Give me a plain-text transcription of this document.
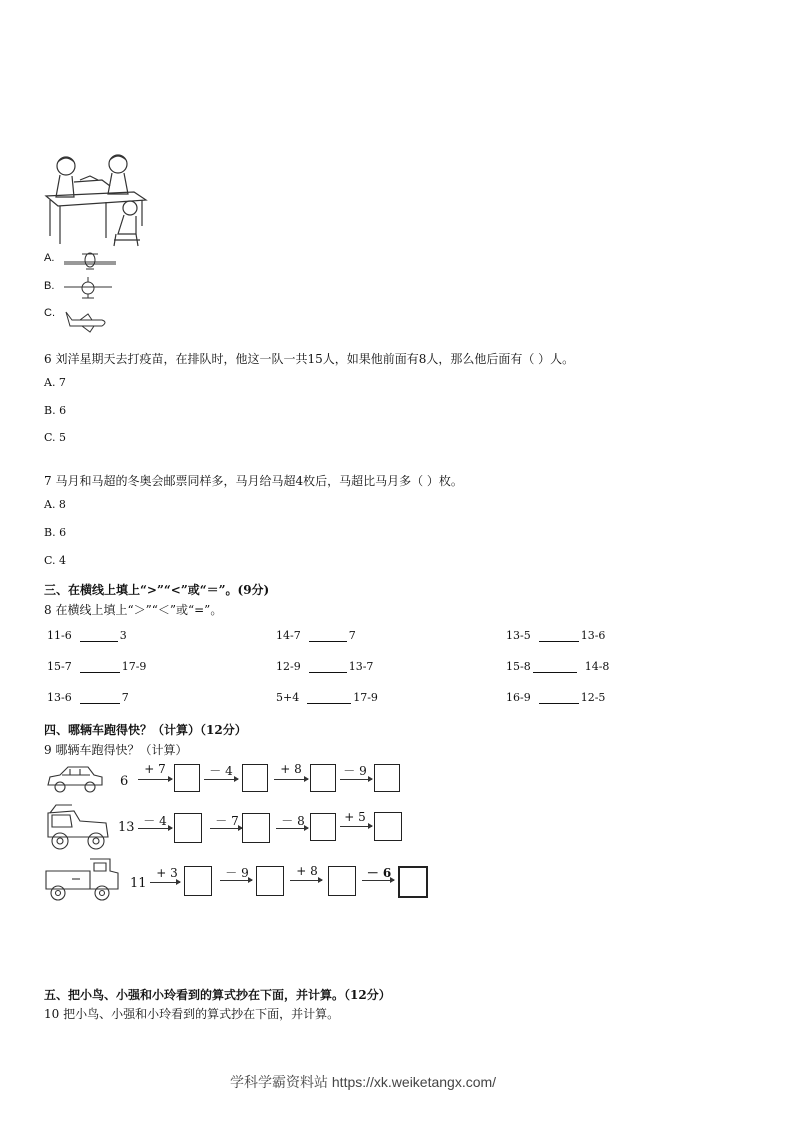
A.
B.
C.
6 刘洋星期天去打疫苗，在排队时，他这一队一共15人，如果他前面有8人，那么他后面有（ ）人。
A. 7
B. 6
C. 5
7 马月和马超的冬奥会邮票同样多，马月给马超4枚后，马超比马月多（ ）枚。
A. 8
B. 6
C. 4
三、在横线上填上“>”“<”或“＝”。(9分)
8 在横线上填上“＞”“＜”或“=”。
11-6	3	14-7	7	13-5	13-6
15-7	17-9	12-9	13-7	15-8	14-8
13-6	7	5+4	17-9	16-9	12-5
四、哪辆车跑得快？（计算）（12分）
9 哪辆车跑得快？（计算）
6
+ 7	－ 4	+ 8	－ 9
13 － 4	－ 7	－ 8	+ 5
11
+ 3	－ 9	+ 8	－ 6
五、把小鸟、小强和小玲看到的算式抄在下面，并计算。（12分）
10 把小鸟、小强和小玲看到的算式抄在下面，并计算。
学科学霸资料站 https://xk.weiketangx.com/
